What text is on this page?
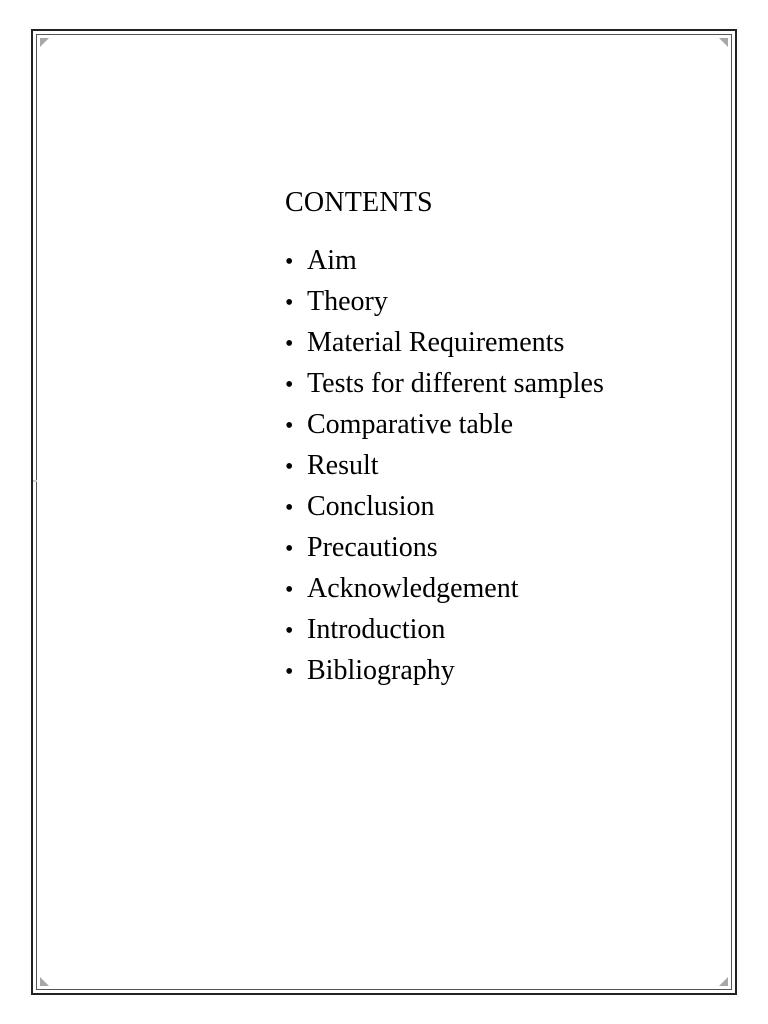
CONTENTS
• Aim
• Theory
• Material Requirements
• Tests for different samples
• Comparative table
• Result
• Conclusion
• Precautions
• Acknowledgement
• Introduction
• Bibliography
